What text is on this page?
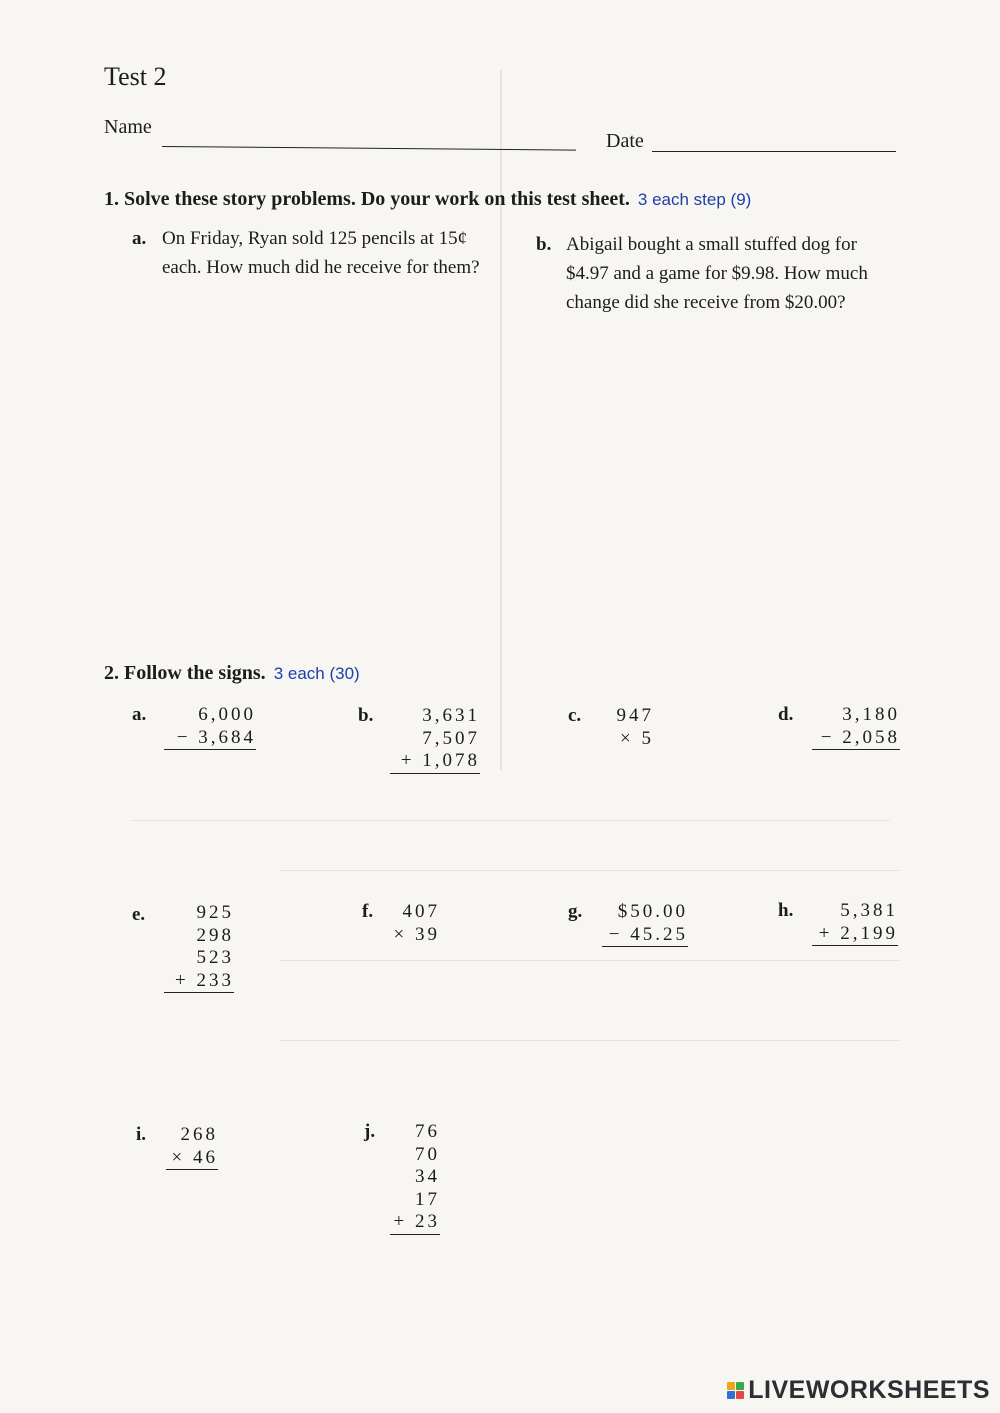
Test 2
Name
Date
1. Solve these story problems. Do your work on this test sheet. 3 each step (9)
a. On Friday, Ryan sold 125 pencils at 15¢ each. How much did he receive for them?
b. Abigail bought a small stuffed dog for $4.97 and a game for $9.98. How much change did she receive from $20.00?
2. Follow the signs. 3 each (30)
a.	6,000
− 3,684
b.	3,631
7,507
+ 1,078
c.	947
× 5
d.	3,180
− 2,058
e.	925
298
523
+ 233
f.	407
× 39
g.	$50.00
− 45.25
h.	5,381
+ 2,199
i.	268
× 46
j.	76
70
34
17
+ 23
LIVEWORKSHEETS
